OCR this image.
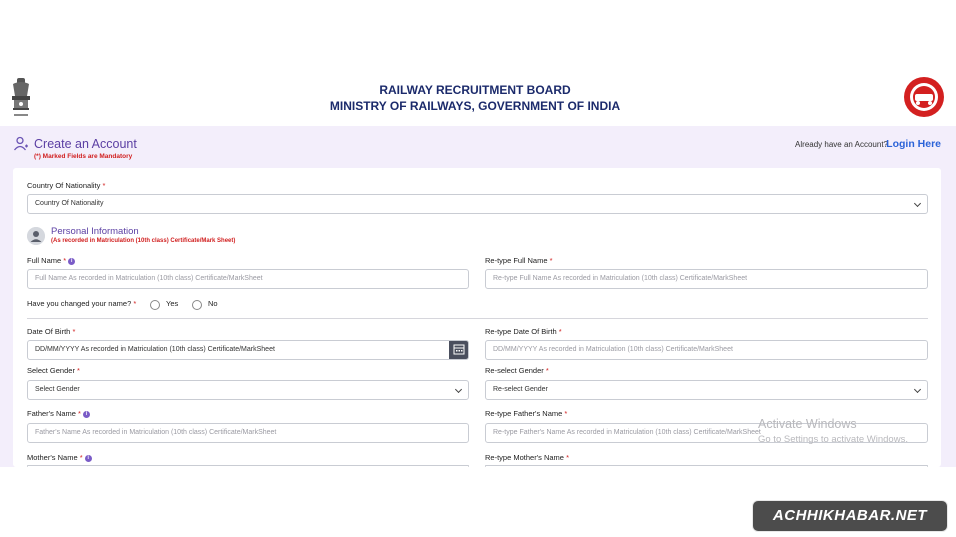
RAILWAY RECRUITMENT BOARD
MINISTRY OF RAILWAYS, GOVERNMENT OF INDIA
Create an Account
(*) Marked Fields are Mandatory
Already have an Account?
Login Here
Country Of Nationality *
Country Of Nationality
Personal Information
(As recorded in Matriculation (10th class) Certificate/Mark Sheet)
Full Name * i
Full Name As recorded in Matriculation (10th class) Certificate/MarkSheet
Re-type Full Name *
Re-type Full Name As recorded in Matriculation (10th class) Certificate/MarkSheet
Have you changed your name? *	Yes	No
Date Of Birth *
DD/MM/YYYY As recorded in Matriculation (10th class) Certificate/MarkSheet
Re-type Date Of Birth *
DD/MM/YYYY As recorded in Matriculation (10th class) Certificate/MarkSheet
Select Gender *
Select Gender
Re-select Gender *
Re-select Gender
Father's Name * i
Father's Name As recorded in Matriculation (10th class) Certificate/MarkSheet
Re-type Father's Name *
Re-type Father's Name As recorded in Matriculation (10th class) Certificate/MarkSheet
Mother's Name * i	Re-type Mother's Name *
Activate Windows
Go to Settings to activate Windows.
ACHHIKHABAR.NET
